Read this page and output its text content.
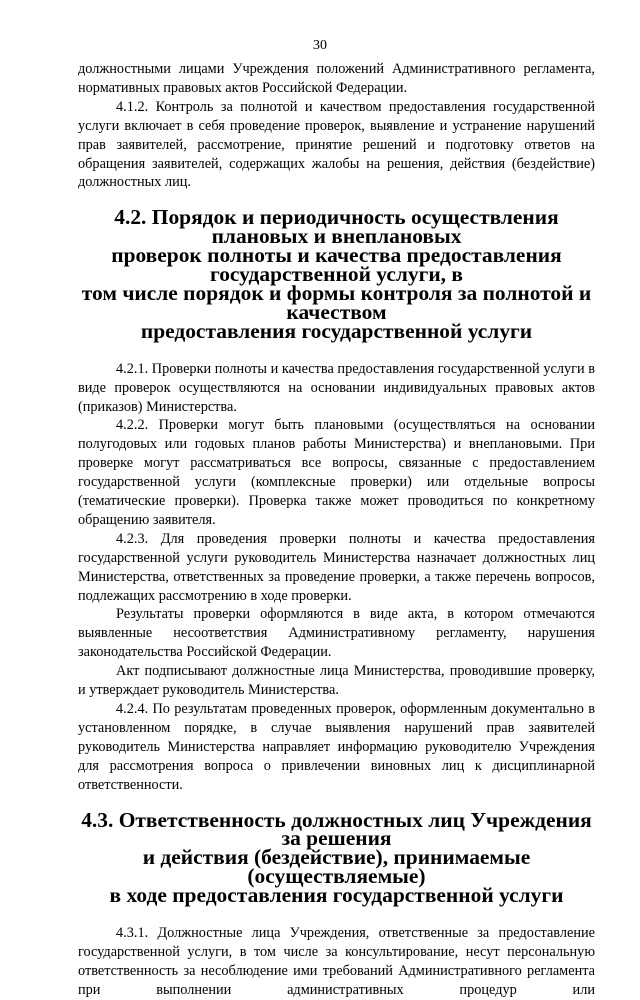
30

должностными лицами Учреждения положений Административного регламента, нормативных правовых актов Российской Федерации.

4.1.2. Контроль за полнотой и качеством предоставления государственной услуги включает в себя проведение проверок, выявление и устранение нарушений прав заявителей, рассмотрение, принятие решений и подготовку ответов на обращения заявителей, содержащих жалобы на решения, действия (бездействие) должностных лиц.

4.2. Порядок и периодичность осуществления плановых и внеплановых
проверок полноты и качества предоставления государственной услуги, в
том числе порядок и формы контроля за полнотой и качеством
предоставления государственной услуги

4.2.1. Проверки полноты и качества предоставления государственной услуги в виде проверок осуществляются на основании индивидуальных правовых актов (приказов) Министерства.

4.2.2. Проверки могут быть плановыми (осуществляться на основании полугодовых или годовых планов работы Министерства) и внеплановыми. При проверке могут рассматриваться все вопросы, связанные с предоставлением государственной услуги (комплексные проверки) или отдельные вопросы (тематические проверки). Проверка также может проводиться по конкретному обращению заявителя.

4.2.3. Для проведения проверки полноты и качества предоставления государственной услуги руководитель Министерства назначает должностных лиц Министерства, ответственных за проведение проверки, а также перечень вопросов, подлежащих рассмотрению в ходе проверки.

Результаты проверки оформляются в виде акта, в котором отмечаются выявленные несоответствия Административному регламенту, нарушения законодательства Российской Федерации.

Акт подписывают должностные лица Министерства, проводившие проверку, и утверждает руководитель Министерства.

4.2.4. По результатам проведенных проверок, оформленным документально в установленном порядке, в случае выявления нарушений прав заявителей руководитель Министерства направляет информацию руководителю Учреждения для рассмотрения вопроса о привлечении виновных лиц к дисциплинарной ответственности.

4.3. Ответственность должностных лиц Учреждения за решения
и действия (бездействие), принимаемые (осуществляемые)
в ходе предоставления государственной услуги

4.3.1. Должностные лица Учреждения, ответственные за предоставление государственной услуги, в том числе за консультирование, несут персональную ответственность за несоблюдение ими требований Административного регламента при выполнении административных процедур или
